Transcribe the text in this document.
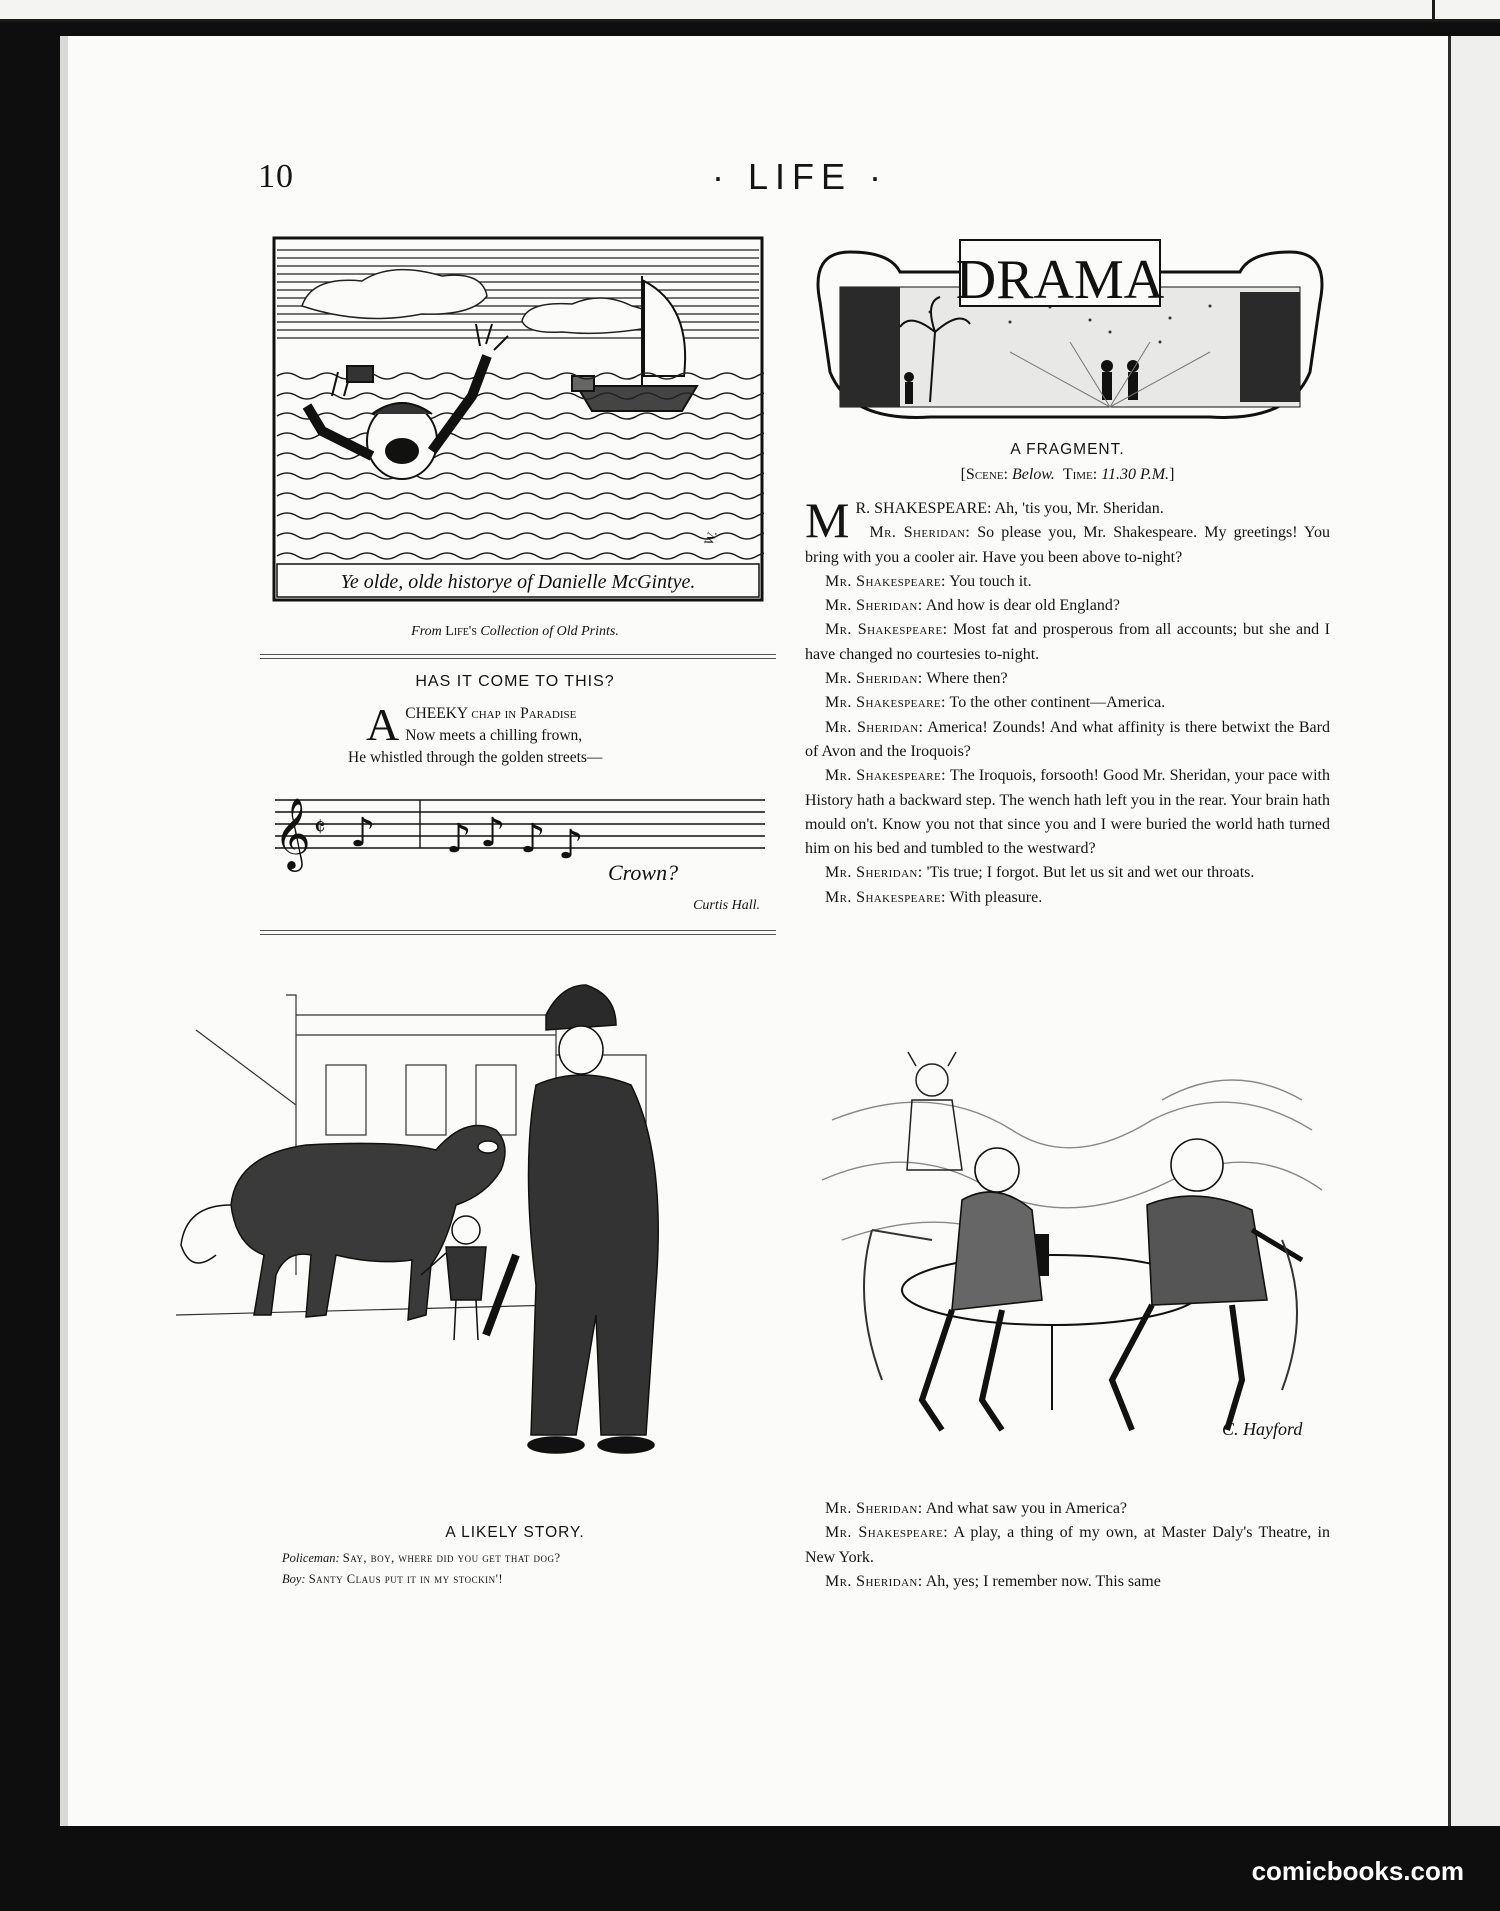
10	· LIFE ·
W.
Ye olde, olde historye of Danielle McGintye.
From Life's Collection of Old Prints.
HAS IT COME TO THIS?
A CHEEKY chap in Paradise
Now meets a chilling frown,
He whistled through the golden streets—
𝄞 𝄵 ♪ ♪ ♪ ♪ ♪
Crown?
Curtis Hall.
A LIKELY STORY.
Policeman: Say, boy, where did you get that dog?
Boy: Santy Claus put it in my stockin'!
DRAMA
A FRAGMENT.
[Scene: Below. Time: 11.30 P.M.]

M R. SHAKESPEARE: Ah, 'tis you, Mr. Sheridan.

Mr. Sheridan: So please you, Mr. Shakespeare. My greetings! You bring with you a cooler air. Have you been above to-night?

Mr. Shakespeare: You touch it.

Mr. Sheridan: And how is dear old England?

Mr. Shakespeare: Most fat and prosperous from all accounts; but she and I have changed no courtesies to-night.

Mr. Sheridan: Where then?

Mr. Shakespeare: To the other continent—America.

Mr. Sheridan: America! Zounds! And what affinity is there betwixt the Bard of Avon and the Iroquois?

Mr. Shakespeare: The Iroquois, forsooth! Good Mr. Sheridan, your pace with History hath a backward step. The wench hath left you in the rear. Your brain hath mould on't. Know you not that since you and I were buried the world hath turned him on his bed and tumbled to the westward?

Mr. Sheridan: 'Tis true; I forgot. But let us sit and wet our throats.

Mr. Shakespeare: With pleasure.

C. Hayford

Mr. Sheridan: And what saw you in America?

Mr. Shakespeare: A play, a thing of my own, at Master Daly's Theatre, in New York.

Mr. Sheridan: Ah, yes; I remember now. This same

comicbooks.com
